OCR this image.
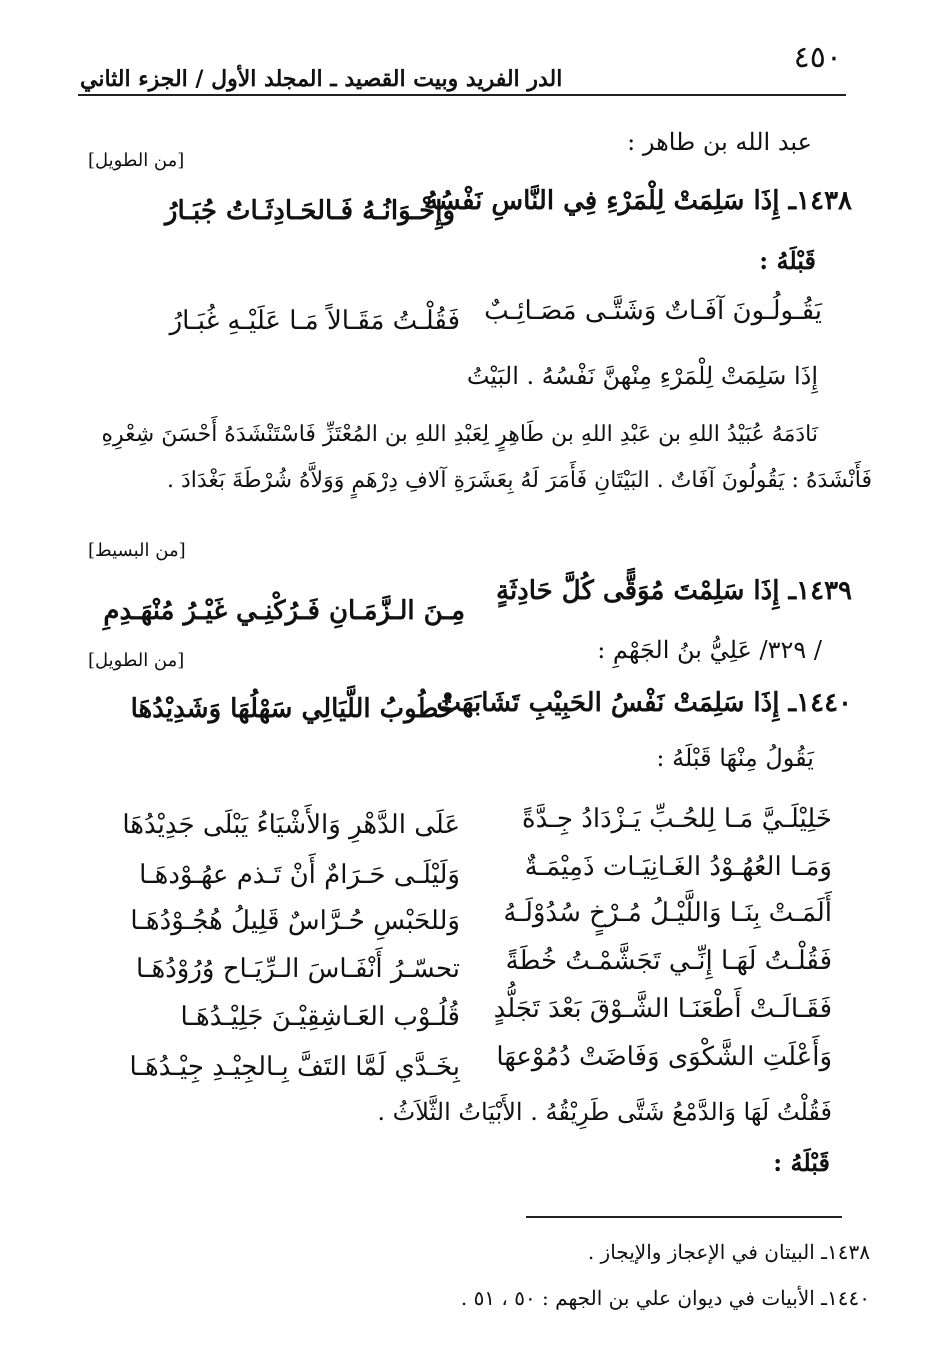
٤٥٠
الدر الفريد وبيت القصيد ـ المجلد الأول / الجزء الثاني
عبد الله بن طاهر :
[من الطويل]
١٤٣٨ـ إِذَا سَلِمَتْ لِلْمَرْءِ فِي النَّاسِ نَفْسُهُ
وَإِخْـوَانُـهُ فَـالحَـادِثَـاتُ جُبَـارُ
قَبْلَهُ :
يَقُـولُـونَ آفَـاتٌ وَشَتَّـى مَصَـائِـبٌ
فَقُلْـتُ مَقَـالاً مَـا عَلَيْـهِ غُبَـارُ
إِذَا سَلِمَتْ لِلْمَرْءِ مِنْهنَّ نَفْسُهُ . البَيْتُ
نَادَمَهُ عُبَيْدُ اللهِ بن عَبْدِ اللهِ بن طَاهِرٍ لِعَبْدِ اللهِ بن المُعْتَزِّ فَاسْتَنْشَدَهُ أَحْسَنَ شِعْرِهِ
فَأَنْشَدَهُ : يَقُولُونَ آفَاتٌ . البَيْتَانِ فَأَمَرَ لَهُ بِعَشَرَةِ آلافِ دِرْهَمٍ وَوَلاَّهُ شُرْطَةَ بَغْدَادَ .
[من البسيط]
١٤٣٩ـ إِذَا سَلِمْتَ مُوَقًّى كُلَّ حَادِثَةٍ
مِـنَ الـزَّمَـانِ فَـرُكْنِـي غَيْـرُ مُنْهَـدِمِ
/ ٣٢٩/ عَلِيُّ بنُ الجَهْمِ :
[من الطويل]
١٤٤٠ـ إِذَا سَلِمَتْ نَفْسُ الحَبِيْبِ تَشَابَهَتْ
خُطُوبُ اللَّيَالِي سَهْلُهَا وَشَدِيْدُهَا
يَقُولُ مِنْهَا قَبْلَهُ :
خَلِيْلَـيَّ مَـا لِلحُـبِّ يَـزْدَادُ جِـدَّةً
عَلَى الدَّهْرِ وَالأَشْيَاءُ يَبْلَى جَدِيْدُهَا
وَمَـا العُهُـوْدُ الغَـانِيَـات ذَمِيْمَـةٌ
وَلَيْلَـى حَـرَامٌ أَنْ تَـذم عهُـوْدهَـا
أَلَمَـتْ بِنَـا وَاللَّيْـلُ مُـرْخٍ سُدُوْلَـهُ
وَللحَبْسِ حُـرَّاسٌ قَلِيلُ هُجُـوْدُهَـا
فَقُلْـتُ لَهَـا إِنِّـي تَجَشَّمْـتُ خُطَةً
تحسّـرُ أَنْفَـاسَ الـرِّيَـاح وُرُوْدُهَـا
فَقَـالَـتْ أَطْعَنَـا الشَّـوْقَ بَعْدَ تَجَلُّدٍ
قُلُـوْب العَـاشِقِيْـنَ جَلِيْـدُهَـا
وَأَعْلَتِ الشَّكْوَى وَفَاضَتْ دُمُوْعهَا
بِخَـدَّي لَمَّا التَفَّ بِـالجِيْـدِ جِيْـدُهَـا
فَقُلْتُ لَهَا وَالدَّمْعُ شَتَّى طَرِيْقُهُ . الأَبْيَاتُ الثَّلاَثُ .
قَبْلَهُ :
١٤٣٨ـ البيتان في الإعجاز والإيجاز .
١٤٤٠ـ الأبيات في ديوان علي بن الجهم : ٥٠ ، ٥١ .
